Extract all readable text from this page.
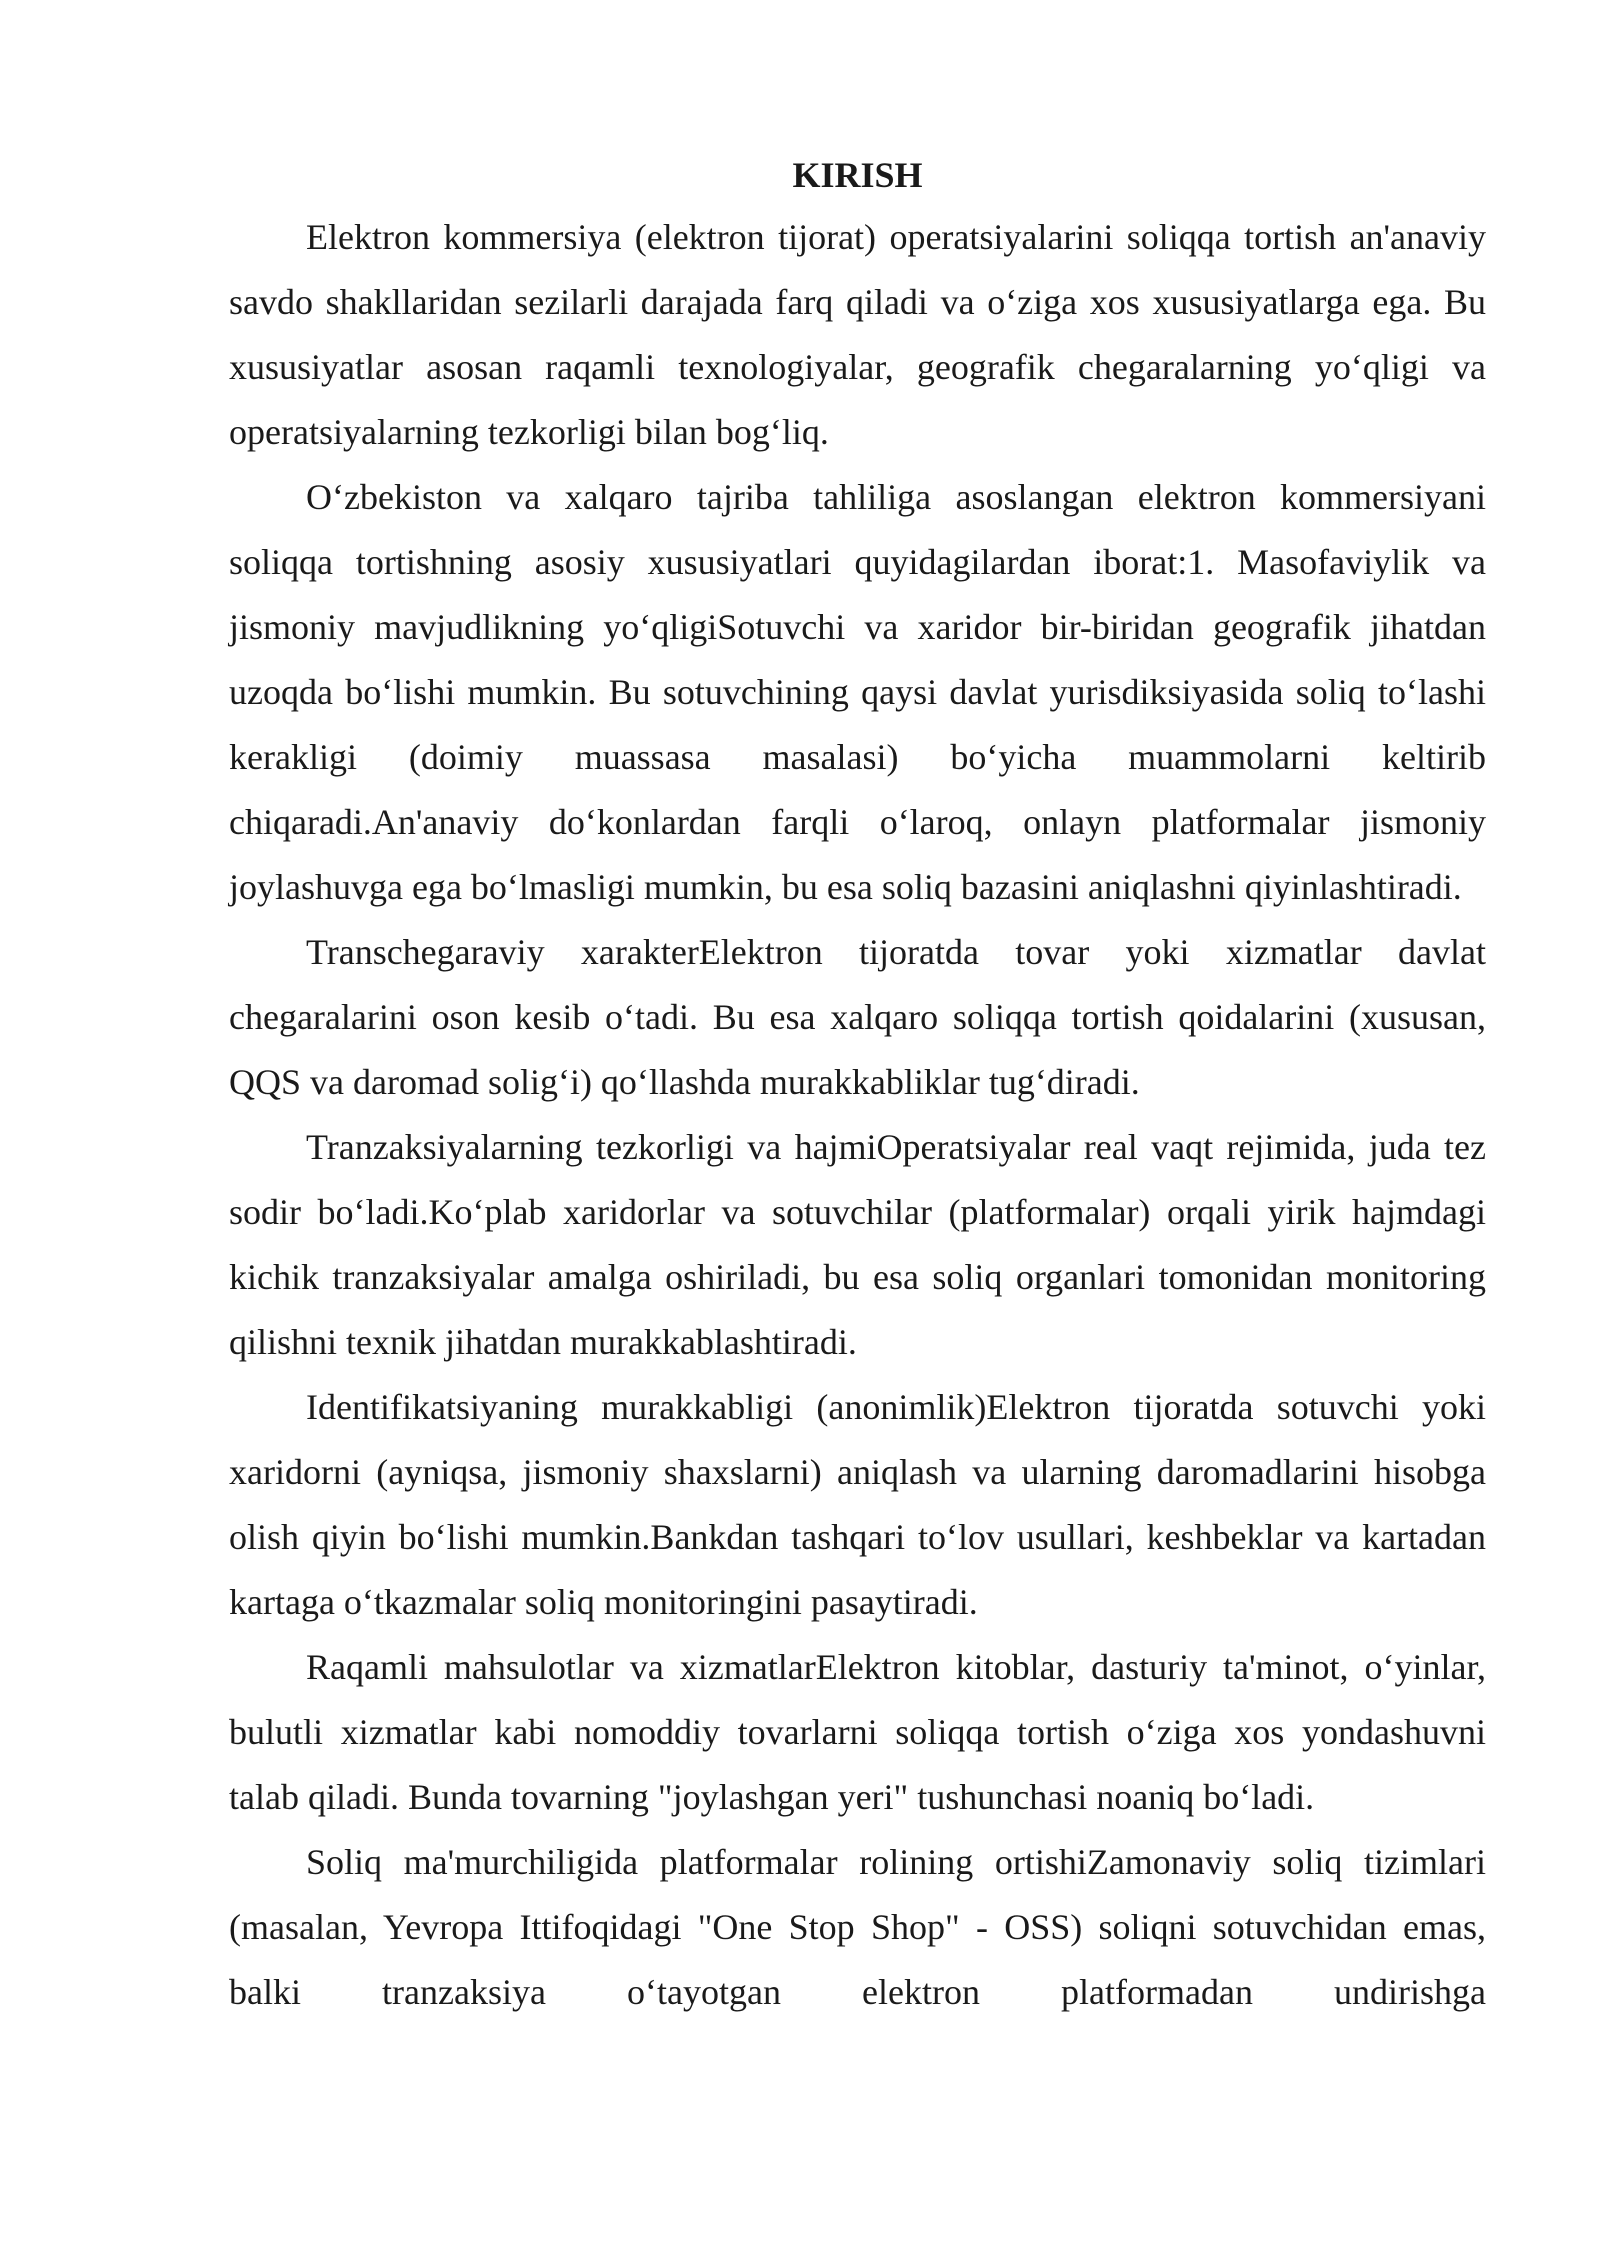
KIRISH

Elektron kommersiya (elektron tijorat) operatsiyalarini soliqqa tortish an'anaviy savdo shakllaridan sezilarli darajada farq qiladi va o‘ziga xos xususiyatlarga ega. Bu xususiyatlar asosan raqamli texnologiyalar, geografik chegaralarning yo‘qligi va operatsiyalarning tezkorligi bilan bog‘liq.

O‘zbekiston va xalqaro tajriba tahliliga asoslangan elektron kommersiyani soliqqa tortishning asosiy xususiyatlari quyidagilardan iborat:1. Masofaviylik va jismoniy mavjudlikning yo‘qligiSotuvchi va xaridor bir-biridan geografik jihatdan uzoqda bo‘lishi mumkin. Bu sotuvchining qaysi davlat yurisdiksiyasida soliq to‘lashi kerakligi (doimiy muassasa masalasi) bo‘yicha muammolarni keltirib chiqaradi.An'anaviy do‘konlardan farqli o‘laroq, onlayn platformalar jismoniy joylashuvga ega bo‘lmasligi mumkin, bu esa soliq bazasini aniqlashni qiyinlashtiradi.

Transchegaraviy xarakterElektron tijoratda tovar yoki xizmatlar davlat chegaralarini oson kesib o‘tadi. Bu esa xalqaro soliqqa tortish qoidalarini (xususan, QQS va daromad solig‘i) qo‘llashda murakkabliklar tug‘diradi.

Tranzaksiyalarning tezkorligi va hajmiOperatsiyalar real vaqt rejimida, juda tez sodir bo‘ladi.Ko‘plab xaridorlar va sotuvchilar (platformalar) orqali yirik hajmdagi kichik tranzaksiyalar amalga oshiriladi, bu esa soliq organlari tomonidan monitoring qilishni texnik jihatdan murakkablashtiradi.

Identifikatsiyaning murakkabligi (anonimlik)Elektron tijoratda sotuvchi yoki xaridorni (ayniqsa, jismoniy shaxslarni) aniqlash va ularning daromadlarini hisobga olish qiyin bo‘lishi mumkin.Bankdan tashqari to‘lov usullari, keshbeklar va kartadan kartaga o‘tkazmalar soliq monitoringini pasaytiradi.

Raqamli mahsulotlar va xizmatlarElektron kitoblar, dasturiy ta'minot, o‘yinlar, bulutli xizmatlar kabi nomoddiy tovarlarni soliqqa tortish o‘ziga xos yondashuvni talab qiladi. Bunda tovarning "joylashgan yeri" tushunchasi noaniq bo‘ladi.

Soliq ma'murchiligida platformalar rolining ortishiZamonaviy soliq tizimlari (masalan, Yevropa Ittifoqidagi "One Stop Shop" - OSS) soliqni sotuvchidan emas, balki tranzaksiya o‘tayotgan elektron platformadan undirishga
